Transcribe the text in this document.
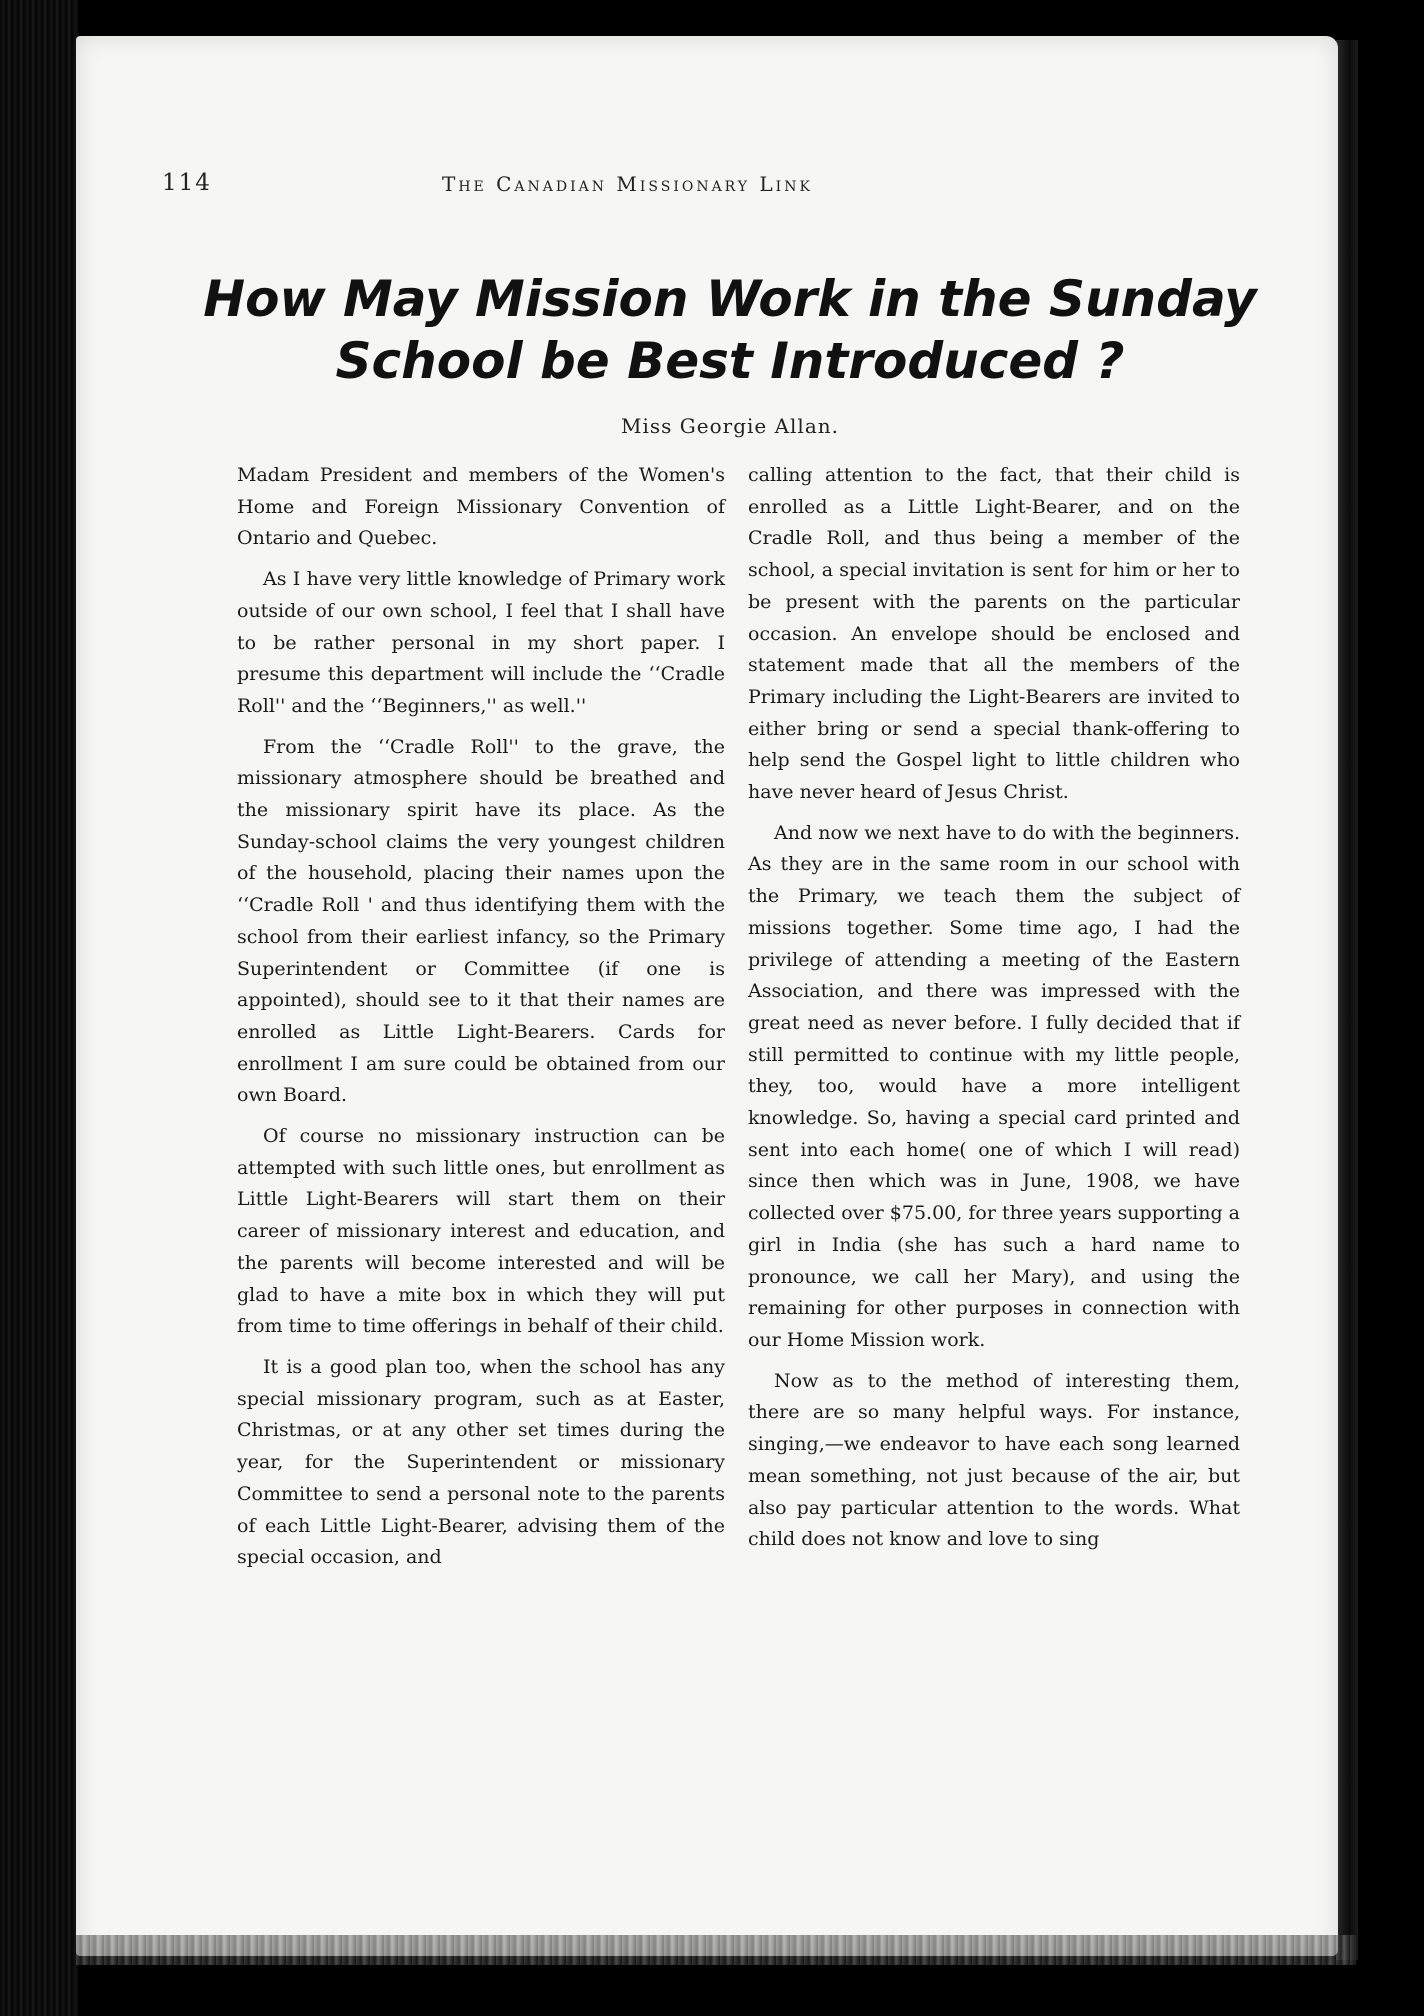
114	The Canadian Missionary Link
How May Mission Work in the Sunday School be Best Introduced ?
Miss Georgie Allan.

Madam President and members of the Women's Home and Foreign Missionary Convention of Ontario and Quebec.

As I have very little knowledge of Primary work outside of our own school, I feel that I shall have to be rather personal in my short paper. I presume this department will include the ‘‘Cradle Roll'' and the ‘‘Beginners,'' as well.''

From the ‘‘Cradle Roll'' to the grave, the missionary atmosphere should be breathed and the missionary spirit have its place. As the Sunday-school claims the very youngest children of the household, placing their names upon the ‘‘Cradle Roll ' and thus identifying them with the school from their earliest infancy, so the Primary Superintendent or Committee (if one is appointed), should see to it that their names are enrolled as Little Light-Bearers. Cards for enrollment I am sure could be obtained from our own Board.

Of course no missionary instruction can be attempted with such little ones, but enrollment as Little Light-Bearers will start them on their career of missionary interest and education, and the parents will become interested and will be glad to have a mite box in which they will put from time to time offerings in behalf of their child.

It is a good plan too, when the school has any special missionary program, such as at Easter, Christmas, or at any other set times during the year, for the Superintendent or missionary Committee to send a personal note to the parents of each Little Light-Bearer, advising them of the special occasion, and

calling attention to the fact, that their child is enrolled as a Little Light-Bearer, and on the Cradle Roll, and thus being a member of the school, a special invitation is sent for him or her to be present with the parents on the particular occasion. An envelope should be enclosed and statement made that all the members of the Primary including the Light-Bearers are invited to either bring or send a special thank-offering to help send the Gospel light to little children who have never heard of Jesus Christ.

And now we next have to do with the beginners. As they are in the same room in our school with the Primary, we teach them the subject of missions together. Some time ago, I had the privilege of attending a meeting of the Eastern Association, and there was impressed with the great need as never before. I fully decided that if still permitted to continue with my little people, they, too, would have a more intelligent knowledge. So, having a special card printed and sent into each home( one of which I will read) since then which was in June, 1908, we have collected over $75.00, for three years supporting a girl in India (she has such a hard name to pronounce, we call her Mary), and using the remaining for other purposes in connection with our Home Mission work.

Now as to the method of interesting them, there are so many helpful ways. For instance, singing,—we endeavor to have each song learned mean something, not just because of the air, but also pay particular attention to the words. What child does not know and love to sing
